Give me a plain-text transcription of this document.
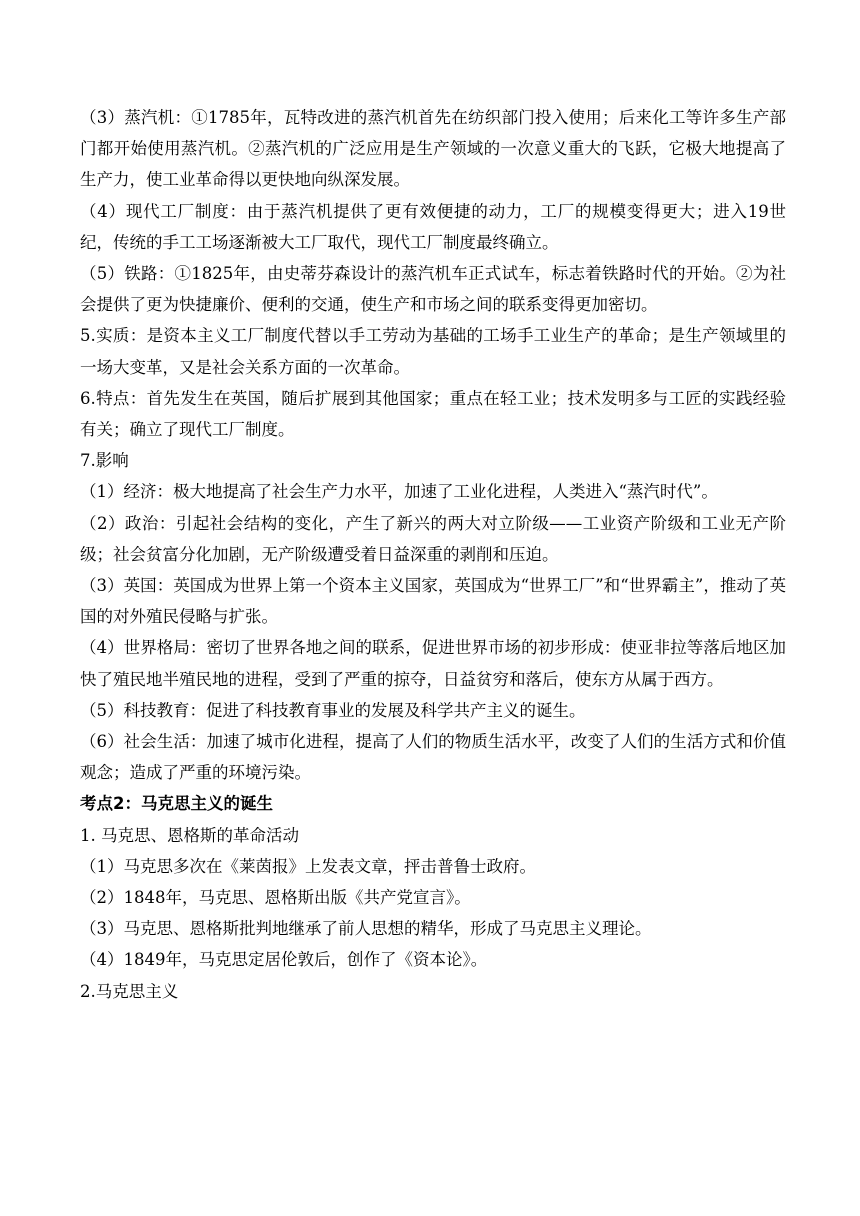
（3）蒸汽机：①1785年，瓦特改进的蒸汽机首先在纺织部门投入使用；后来化工等许多生产部门都开始使用蒸汽机。②蒸汽机的广泛应用是生产领域的一次意义重大的飞跃，它极大地提高了生产力，使工业革命得以更快地向纵深发展。

（4）现代工厂制度：由于蒸汽机提供了更有效便捷的动力，工厂的规模变得更大；进入19世纪，传统的手工工场逐渐被大工厂取代，现代工厂制度最终确立。

（5）铁路：①1825年，由史蒂芬森设计的蒸汽机车正式试车，标志着铁路时代的开始。②为社会提供了更为快捷廉价、便利的交通，使生产和市场之间的联系变得更加密切。

5.实质：是资本主义工厂制度代替以手工劳动为基础的工场手工业生产的革命；是生产领域里的一场大变革，又是社会关系方面的一次革命。

6.特点：首先发生在英国，随后扩展到其他国家；重点在轻工业；技术发明多与工匠的实践经验有关；确立了现代工厂制度。

7.影响

（1）经济：极大地提高了社会生产力水平，加速了工业化进程，人类进入“蒸汽时代”。

（2）政治：引起社会结构的变化，产生了新兴的两大对立阶级——工业资产阶级和工业无产阶级；社会贫富分化加剧，无产阶级遭受着日益深重的剥削和压迫。

（3）英国：英国成为世界上第一个资本主义国家，英国成为“世界工厂”和“世界霸主”，推动了英国的对外殖民侵略与扩张。

（4）世界格局：密切了世界各地之间的联系，促进世界市场的初步形成：使亚非拉等落后地区加快了殖民地半殖民地的进程，受到了严重的掠夺，日益贫穷和落后，使东方从属于西方。

（5）科技教育：促进了科技教育事业的发展及科学共产主义的诞生。

（6）社会生活：加速了城市化进程，提高了人们的物质生活水平，改变了人们的生活方式和价值观念；造成了严重的环境污染。

考点2：马克思主义的诞生

1. 马克思、恩格斯的革命活动

（1）马克思多次在《莱茵报》上发表文章，抨击普鲁士政府。

（2）1848年，马克思、恩格斯出版《共产党宣言》。

（3）马克思、恩格斯批判地继承了前人思想的精华，形成了马克思主义理论。

（4）1849年，马克思定居伦敦后，创作了《资本论》。

2.马克思主义
